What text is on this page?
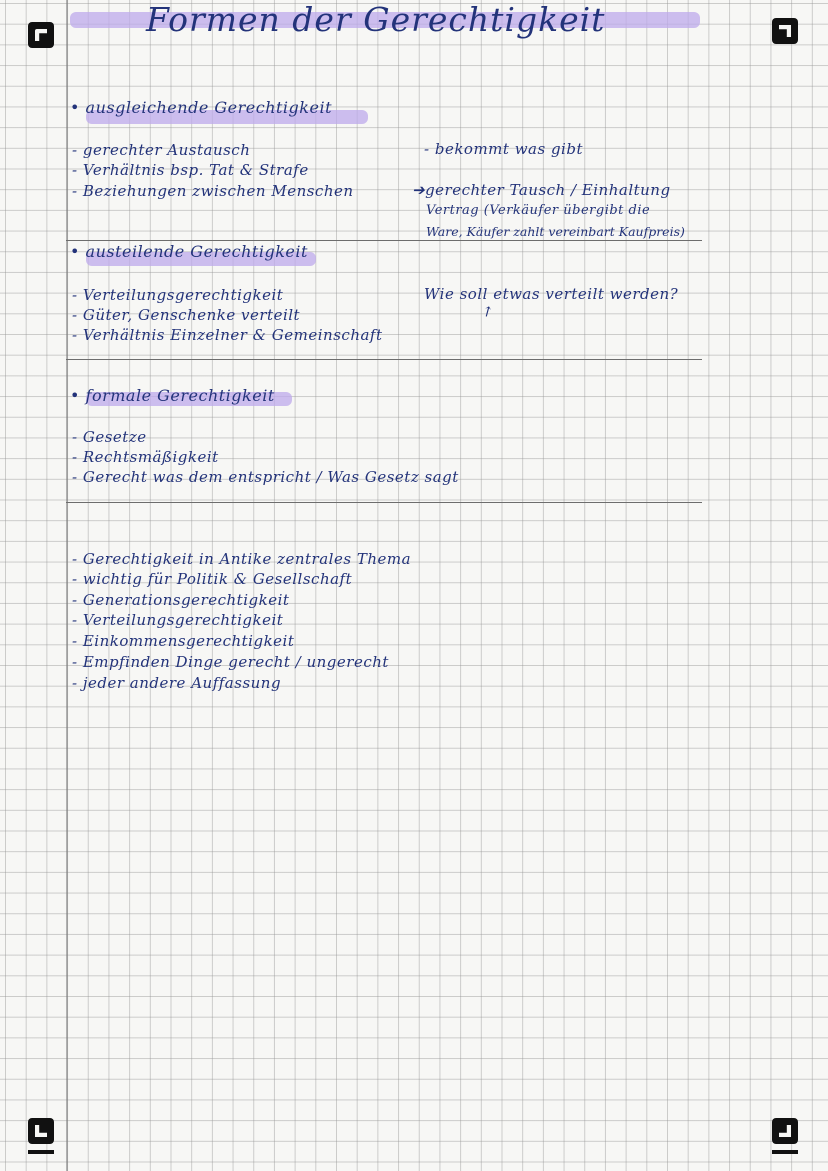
Formen der Gerechtigkeit
• ausgleichende Gerechtigkeit
- gerechter Austausch
- Verhältnis bsp. Tat & Strafe
- Beziehungen zwischen Menschen
- bekommt was gibt
➔gerechter Tausch / Einhaltung
Vertrag (Verkäufer übergibt die
Ware, Käufer zahlt vereinbart Kaufpreis)
• austeilende Gerechtigkeit
- Verteilungsgerechtigkeit
- Güter, Genschenke verteilt
- Verhältnis Einzelner & Gemeinschaft
Wie soll etwas verteilt werden?
↗
• formale Gerechtigkeit
- Gesetze
- Rechtsmäßigkeit
- Gerecht was dem entspricht / Was Gesetz sagt
- Gerechtigkeit in Antike zentrales Thema
- wichtig für Politik & Gesellschaft
- Generationsgerechtigkeit
- Verteilungsgerechtigkeit
- Einkommensgerechtigkeit
- Empfinden Dinge gerecht / ungerecht
- jeder andere Auffassung
